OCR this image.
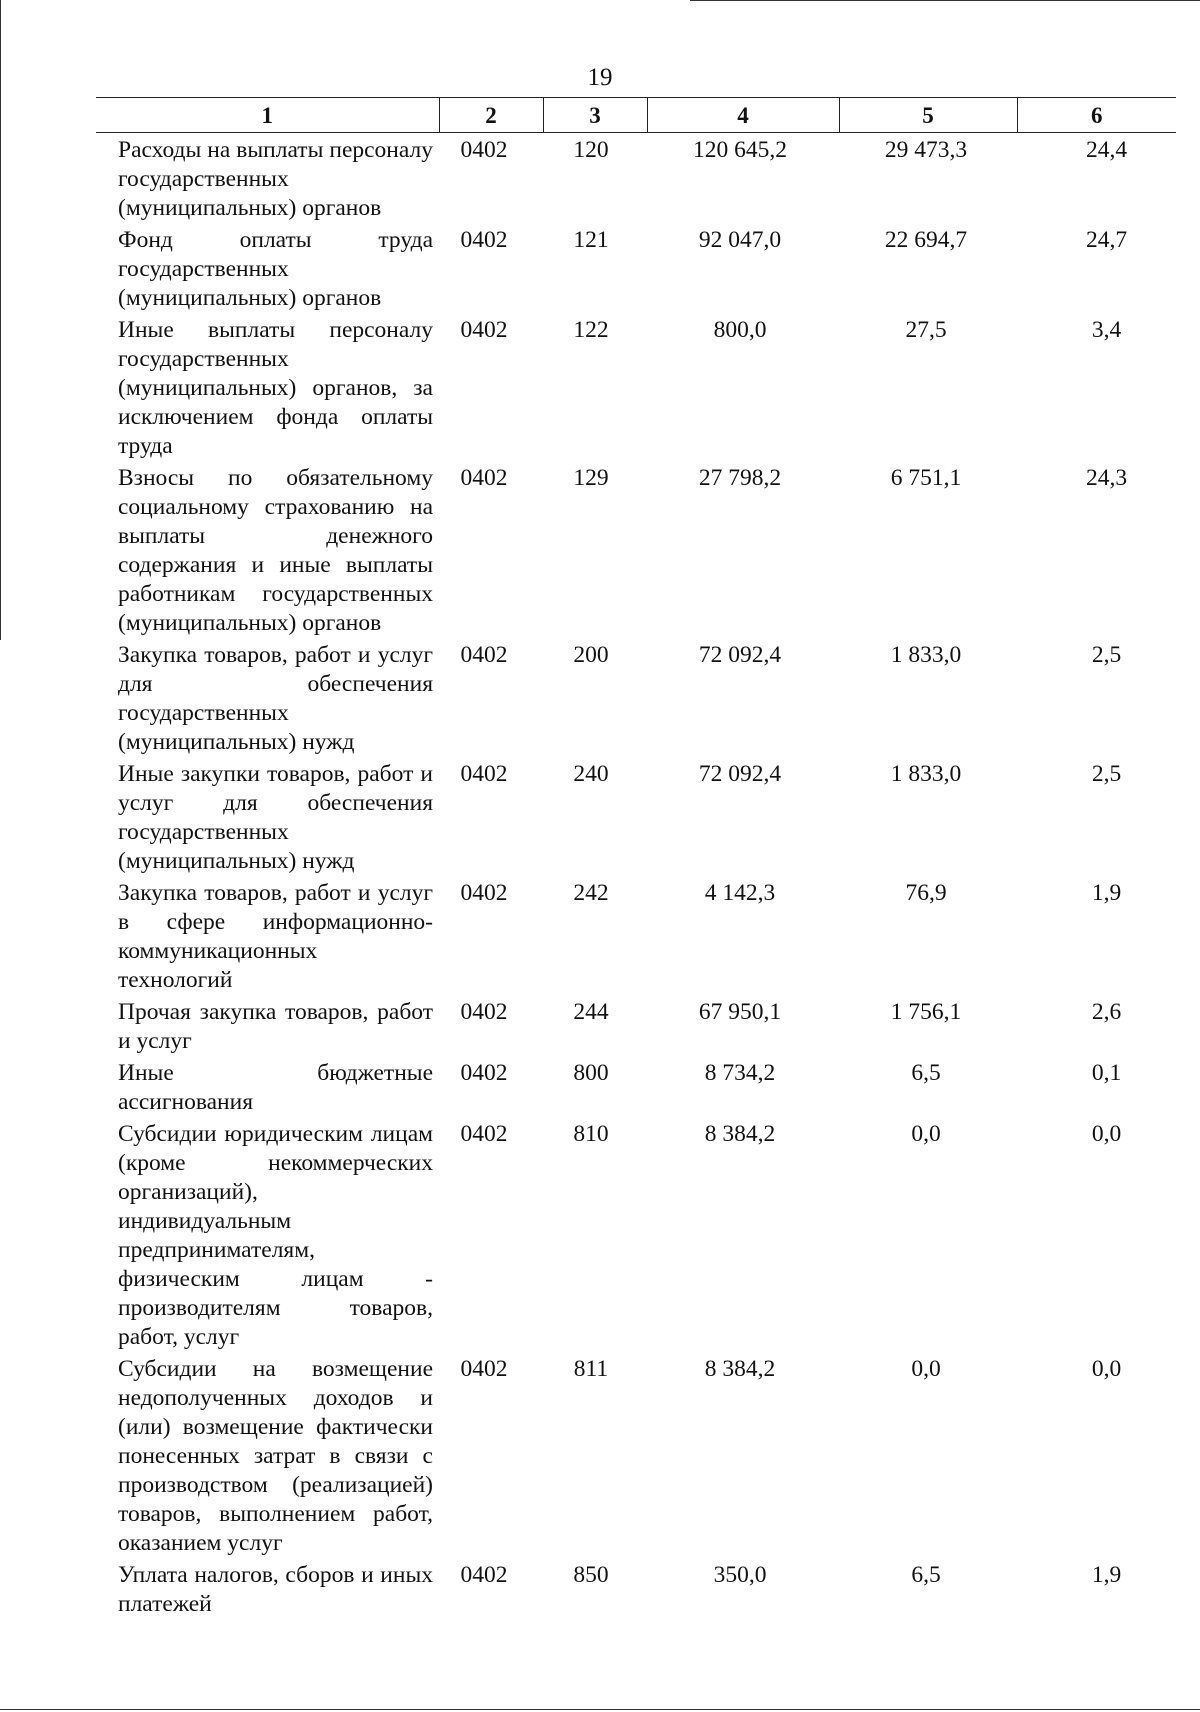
19
1	2	3	4	5	6
Расходы на выплаты персоналу государственных (муниципальных) органов	0402	120	120 645,2	29 473,3	24,4
Фонд оплаты труда государственных (муниципальных) органов	0402	121	92 047,0	22 694,7	24,7
Иные выплаты персоналу государственных (муниципальных) органов, за исключением фонда оплаты труда	0402	122	800,0	27,5	3,4
Взносы по обязательному социальному страхованию на выплаты денежного содержания и иные выплаты работникам государственных (муниципальных) органов	0402	129	27 798,2	6 751,1	24,3
Закупка товаров, работ и услуг для обеспечения государственных (муниципальных) нужд	0402	200	72 092,4	1 833,0	2,5
Иные закупки товаров, работ и услуг для обеспечения государственных (муниципальных) нужд	0402	240	72 092,4	1 833,0	2,5
Закупка товаров, работ и услуг в сфере информационно-коммуникационных технологий	0402	242	4 142,3	76,9	1,9
Прочая закупка товаров, работ и услуг	0402	244	67 950,1	1 756,1	2,6
Иные бюджетные ассигнования	0402	800	8 734,2	6,5	0,1
Субсидии юридическим лицам (кроме некоммерческих организаций), индивидуальным предпринимателям, физическим лицам - производителям товаров, работ, услуг	0402	810	8 384,2	0,0	0,0
Субсидии на возмещение недополученных доходов и (или) возмещение фактически понесенных затрат в связи с производством (реализацией) товаров, выполнением работ, оказанием услуг	0402	811	8 384,2	0,0	0,0
Уплата налогов, сборов и иных платежей	0402	850	350,0	6,5	1,9
